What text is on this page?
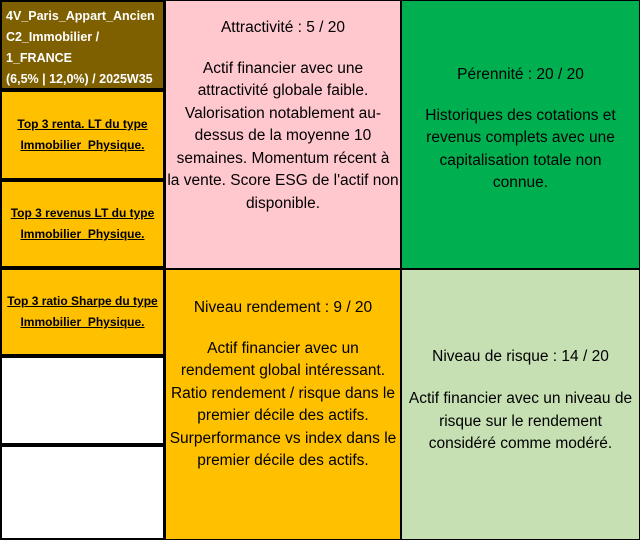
4V_Paris_Appart_Ancien
C2_Immobilier / 1_FRANCE
(6,5% | 12,0%) / 2025W35
Top 3 renta. LT du type
Immobilier_Physique.
Top 3 revenus LT du type
Immobilier_Physique.
Top 3 ratio Sharpe du type
Immobilier_Physique.
Attractivité : 5 / 20
Actif financier avec une
attractivité globale faible.
Valorisation notablement au-
dessus de la moyenne 10
semaines. Momentum récent à
la vente. Score ESG de l'actif non
disponible.
Pérennité : 20 / 20
Historiques des cotations et
revenus complets avec une
capitalisation totale non
connue.
Niveau rendement : 9 / 20
Actif financier avec un
rendement global intéressant.
Ratio rendement / risque dans le
premier décile des actifs.
Surperformance vs index dans le
premier décile des actifs.
Niveau de risque : 14 / 20
Actif financier avec un niveau de
risque sur le rendement
considéré comme modéré.
